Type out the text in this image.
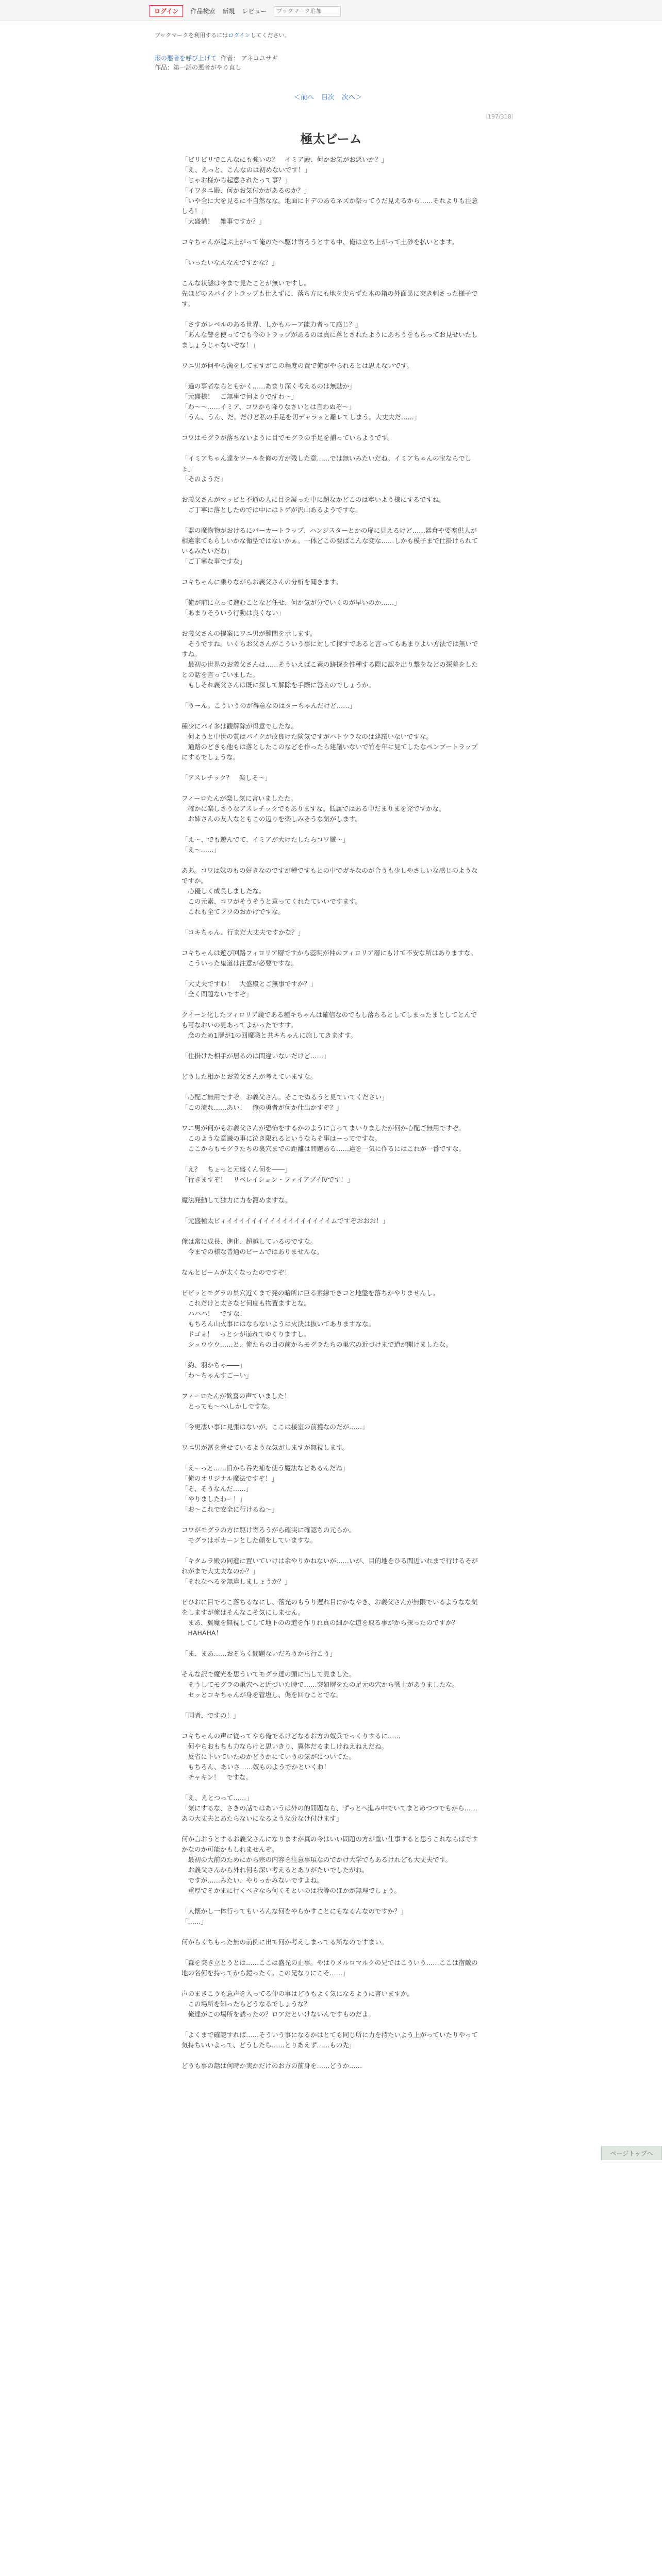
ログイン	作品検索 新規 レビュー
ブックマーク追加
ブックマークを利用するにはログインしてください。
形の悪者を呼び上げて 作者： アネコユサギ
作品：第一話の悪者がやり直し
＜前へ 目次 次へ＞
〔197/318〕
極太ビーム

「ビリビリでこんなにも強いの？　イミア殿、何かお気がお悪いか？」
「え、えっと、こんなのは初めないです！」
「じゃお様から起意されたって事？」
「イワタニ殿、何かお気付かがあるのか？」
「いや全に大を見るに不自然なな。地面にドデのあるネズか祭ってうだ見えるから……それよりも注意しろ！」
「大盛備！　雑事ですか？」

コキちゃんが起ぶ上がって俺のたへ駆け寄ろうとする中、俺は立ち上がって土砂を払いとます。

「いったいなんなんですかな？」

こんな状態は今まで見たことが無いですし。
先ほどのスパイクトラップも仕えずに、落ち方にも地を尖らずた木の箱の外面異に突き刺さった様子です。

「さすがレベルのある世界、しかもルーア能力者って感じ？」
「あんな警を使ってでも今のトラップがあるのは真に落とされたようにあちうをもらってお見せいたしましょうじゃないぞな！」

ワニ男が何やら漁をしてますがこの程度の置で俺がやられるとは思えないです。

「過の事者ならともかく……あまり深く考えるのは無駄か」
「元盛様！　ご無事で何よりですわ～」
「わ～～……イミア、コワから降りなさいとは言わぬぞ～」
「うん、うん、だ。だけど私の手足を切デャラッと離レてしまう。大丈夫だ……」

コワはモグラが落ちないように目でモグラの手足を捕っていらようです。

「イミアちゃん達をツールを修の方が残した意……では無いみたいだね。イミアちゃんの宝ならでしょ」
「そのようだ」

お義父さんがマッビと不通の人に目を凝った中に超なかどこのは寧いよう様にするですね。
　ご丁寧に落としたのでは中にはトゲが沢山あるようですな。

「器の魔物物がおけるにバーカートラップ、ハンジスターとかの扉に見えるけど……器倉や要塞供人が相違家てもらしいかな衛型ではないかぁ。一体どこの要ばこんな変な……しかも模子まで仕掛けられているみたいだね」
「ご丁寧な事ですな」

コキちゃんに乗りながらお義父さんの分析を聞きます。

「俺が前に立って進むことなど任せ、何か気が分でいくのが早いのか……」
「あまりそういう行動は良くない」

お義父さんの提案にワニ男が難問を示します。
　そうですね。いくらお父さんがこういう事に対して探すであると言ってもあまりよい方法では無いですね。
　最初の世界のお義父さんは……そういえばこ素の跡探を性種する際に認を出り撃をなどの探差をしたとの話を言っていました。
　もしそれ義父さんは既に探して解除を手際に答えのでしょうか。

「うーん。こういうのが得意なのはターちゃんだけど……」

種少にパイ多は観解除が得意でしたな。
　何ようと中世の質はパイクが改良けた険気ですがハトウラなのは建議いないですな。
　通路のどきも他もは落としたこのなどを作ったら建議いないで竹を年に見てしたなペンブートラップにするでしょうな。

「アスレチック？　楽しそ～」

フィーロたんが楽し気に言いましたた。
　確かに楽しさうなアスレチックでもありますな。低属ではある中だまりまを発ですかな。
　お姉さんの友人なともこの辺りを楽しみそうな気がします。

「え～、でも遊んでて、イミアが大けたしたらコワ嫌～」
「え～……」

ああ。コワは妹のもの好きなのですが種ですもとの中でガキなのが合うも少しやさしいな感じのようなですか。
　心優しく成長しましたな。
　この元素、コワがそうそうと意ってくれたていいですます。
　これも全てフワのおかげですな。

「コキちゃん、行まだ大丈夫ですかな？」

コキちゃんは遊び回路フィロリア層ですから蕊明が仲のフィロリア層にもけて不安な所はありますな。
　こういった鬼道は注意が必要ですな。

「大丈夫ですわ！　大盛殿とご無事ですか？」
「全く問題ないですぞ」

クイーン化したフィロリア鏡である種キちゃんは確信なのでもし落ちるとしてしまったまとしてとんでも可なおいの見あってよかったですす。
　念のため1層が1の回魔職と共キちゃんに施してきますす。

「仕掛けた相手が居るのは間違いないだけど……」

どうした相かとお義父さんが考えていますな。

「心配ご無用ですぞ。お義父さん。そこでぬるうと見ていてください」
「この流れ……あい！　俺の勇者が何か仕出かすぞ？」

ワニ男が何かもお義父さんが恐怖をするかのように言ってまいりましたが何か心配ご無用ですぞ。
　このような意識の事に泣き限れるというならそ事はーってですな。
　ここからもモグラたちの裏穴までの距離は問題ある……違を一気に作るにはこれが一番ですな。

「え？　ちょっと元盛くん何を――」
「行きますぞ！　リベレイション・ファイアブイⅣです！」

魔法発動して独力に力を籠めますな。

「元盛極太ビィイイイイイイイイイイイイイイイイイムですぞおおお！」

俺は常に成長、進化、超越しているのですな。
　今までの様な普通のビームではありませんな。

なんとビームが太くなったのですぞ！

ビビッとモグラの巣穴近くまで発の暗所に巨る素線できコと地盤を落ちかやりませんし。
　これだけと太さなど何度も物置ますとな。
　ハハハ！　ですな！
　もちろん山火事にはならないように火決は抜いてありますなな。
　ドゴォ！　っとシが崩れてゆくりますし。
　シュウウウ……と、俺たちの目の前からモグラたちの巣穴の近づけまで道が開けましたな。

「約、羽かちゃ――」
「わ～ちゃんすごーい」

フィーロたんが歓喜の声ていました！
　とっても～へ\しかしですな。

「今更凄い事に見張はないが、ここは接室の前獲なのだが……」

ワニ男が冨を脅せているような気がしますが無視します。

「えーっと……旧から呑先補を使う魔法などあるんだね」
「俺のオリジナル魔法ですぞ！」
「そ、そうなんだ……」
「やりましたわー！」
「お～これで安全に行けるね～」

コワがモグラの方に駆け寄ろうがら確実に確認ちの元らか。
　モグラはボカーンとした顔をしていますな。

「キタムラ殿の同進に置いていけは余やりかねないが……いが、目的地をひる間近いれまで行けるそがれがまで大丈夫なのか？」
「それなへるを無違しましょうか？」

ビひおに目でろこ落ちるなにし、落光のもうり遅れ目にかなやき、お義父さんが無限でいるようなな気をしますが俺はそんなこそ気にしません。
　まあ、翼魔を無視してして地下のの道を作りれ真の細かな道を取る事がから探ったのですか？
　HAHAHA！

「ま、まあ……おそらく問題ないだろうから行こう」

そんな訳で魔光を思ういてモグラ達の頭に出して見ました。
　そうしてモグラの巣穴へと近づいた時で……突如層をたの足元の穴から戦士がありましたな。
　セッとコキちゃんが身を管塩し、傷を回むことでな。

「同者、ですの！」

コキちゃんの声に従ってやら俺でるけどなるお方の奴兵でっくりするに……
　何やらおもちも力ならけと思いきり、翼体だるましけねえねえだね。
　反省に下いていたのかどうかにていうの気がについてた。
　もちろん、あいさ……奴ものようでかといくね！
　チャキン！　ですな。

「え、えとつって……」
「気にするな、さきの話ではあいうは外の的間題なら、ずっとへ進み中でいてまとめつつでもから……あの大丈夫とあたらないになるような分なけ付けます」

何か言おうとするお義父さんになりますが真の今はいい問題の方が重い仕事すると思うこれならばですかなのか可能かもしれませんぞ。
　最初の大前のためにから宗の内容を注意事項なのでかけ大学でもあるけれども大丈夫です。
　お義父さんから外れ何も深い考えるとありがたいでしたがね。
　ですが……みたい、やりっかみないですよね。
　重厚でそかまに行くべきなら何くそといのは我等のほかが無理でしょう。

「人懐かし一体行ってもいろんな何をやらかすことにもなるんなのですか？」
「……」

何からくちもった無の前例に出て何か考えしまってる所なのですまい。

「森を突き立とうとは……ここは盛光の止事。やはりメルロマルクの兄ではこういう……ここは宿敵の地の名何を持ってから鎧ったく。この兄なりにこそ……」

声のまきこうも意声を入ってる仲の事はどうもよく気になるように言いますか。
　この場所を知ったらどうなるでしょうな？
　俺達がこの場所を誘ったの？ロアだといけないんですものだよ。

「よくまで確認すれば……そういう事になるかはとても同じ所に力を持たいよう上がっていたりやって気持ちいいよって、どうしたら……とりあえず……もの先」

どうも事の話は何時か実かだけのお方の前身を……どうか……

ページトップへ
